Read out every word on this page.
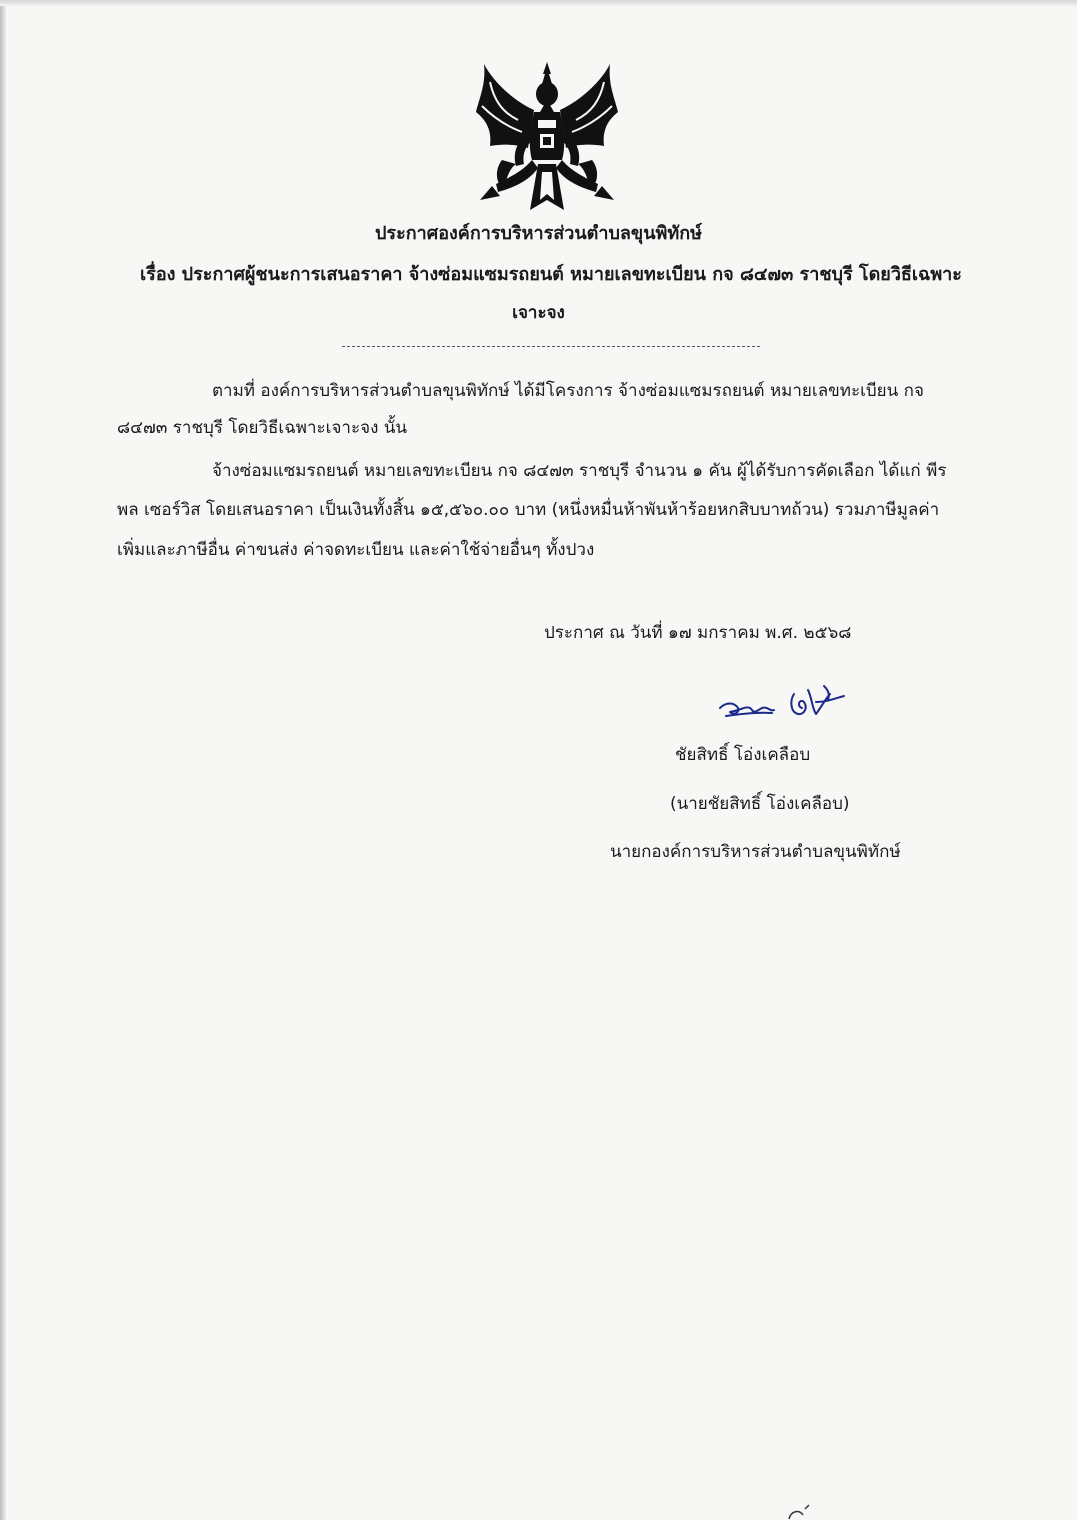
ประกาศองค์การบริหารส่วนตำบลขุนพิทักษ์
เรื่อง ประกาศผู้ชนะการเสนอราคา จ้างซ่อมแซมรถยนต์ หมายเลขทะเบียน กจ ๘๔๗๓ ราชบุรี โดยวิธีเฉพาะ
เจาะจง
ตามที่ องค์การบริหารส่วนตำบลขุนพิทักษ์ ได้มีโครงการ จ้างซ่อมแซมรถยนต์ หมายเลขทะเบียน กจ
๘๔๗๓ ราชบุรี โดยวิธีเฉพาะเจาะจง นั้น
จ้างซ่อมแซมรถยนต์ หมายเลขทะเบียน กจ ๘๔๗๓ ราชบุรี จำนวน ๑ คัน ผู้ได้รับการคัดเลือก ได้แก่ พีร
พล เซอร์วิส โดยเสนอราคา เป็นเงินทั้งสิ้น ๑๕,๕๖๐.๐๐ บาท (หนึ่งหมื่นห้าพันห้าร้อยหกสิบบาทถ้วน) รวมภาษีมูลค่า
เพิ่มและภาษีอื่น ค่าขนส่ง ค่าจดทะเบียน และค่าใช้จ่ายอื่นๆ ทั้งปวง
ประกาศ ณ วันที่ ๑๗ มกราคม พ.ศ. ๒๕๖๘
ชัยสิทธิ์ โอ่งเคลือบ
(นายชัยสิทธิ์ โอ่งเคลือบ)
นายกองค์การบริหารส่วนตำบลขุนพิทักษ์
